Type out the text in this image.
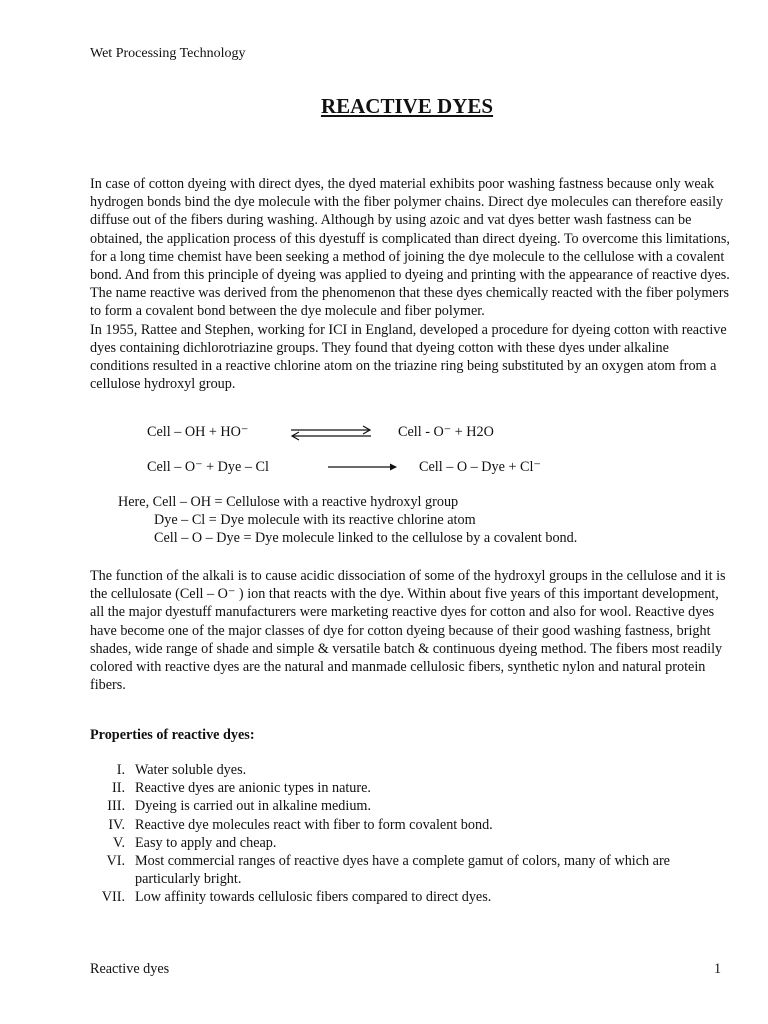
Wet Processing Technology
REACTIVE DYES

In case of cotton dyeing with direct dyes, the dyed material exhibits poor washing fastness because only weak hydrogen bonds bind the dye molecule with the fiber polymer chains. Direct dye molecules can therefore easily diffuse out of the fibers during washing. Although by using azoic and vat dyes better wash fastness can be obtained, the application process of this dyestuff is complicated than direct dyeing. To overcome this limitations, for a long time chemist have been seeking a method of joining the dye molecule to the cellulose with a covalent bond. And from this principle of dyeing was applied to dyeing and printing with the appearance of reactive dyes. The name reactive was derived from the phenomenon that these dyes chemically reacted with the fiber polymers to form a covalent bond between the dye molecule and fiber polymer.

In 1955, Rattee and Stephen, working for ICI in England, developed a procedure for dyeing cotton with reactive dyes containing dichlorotriazine groups. They found that dyeing cotton with these dyes under alkaline conditions resulted in a reactive chlorine atom on the triazine ring being substituted by an oxygen atom from a cellulose hydroxyl group.

Cell – OH + HO⁻	Cell - O⁻ + H2O
Cell – O⁻ + Dye – Cl	Cell – O – Dye + Cl⁻
Here, Cell – OH = Cellulose with a reactive hydroxyl group
Dye – Cl = Dye molecule with its reactive chlorine atom
Cell – O – Dye = Dye molecule linked to the cellulose by a covalent bond.

The function of the alkali is to cause acidic dissociation of some of the hydroxyl groups in the cellulose and it is the cellulosate (Cell – O⁻ ) ion that reacts with the dye. Within about five years of this important development, all the major dyestuff manufacturers were marketing reactive dyes for cotton and also for wool. Reactive dyes have become one of the major classes of dye for cotton dyeing because of their good washing fastness, bright shades, wide range of shade and simple & versatile batch & continuous dyeing method. The fibers most readily colored with reactive dyes are the natural and manmade cellulosic fibers, synthetic nylon and natural protein fibers.

Properties of reactive dyes:
I. Water soluble dyes.
II. Reactive dyes are anionic types in nature.
III. Dyeing is carried out in alkaline medium.
IV. Reactive dye molecules react with fiber to form covalent bond.
V. Easy to apply and cheap.
VI. Most commercial ranges of reactive dyes have a complete gamut of colors, many of which are particularly bright.
VII. Low affinity towards cellulosic fibers compared to direct dyes.
Reactive dyes	1
